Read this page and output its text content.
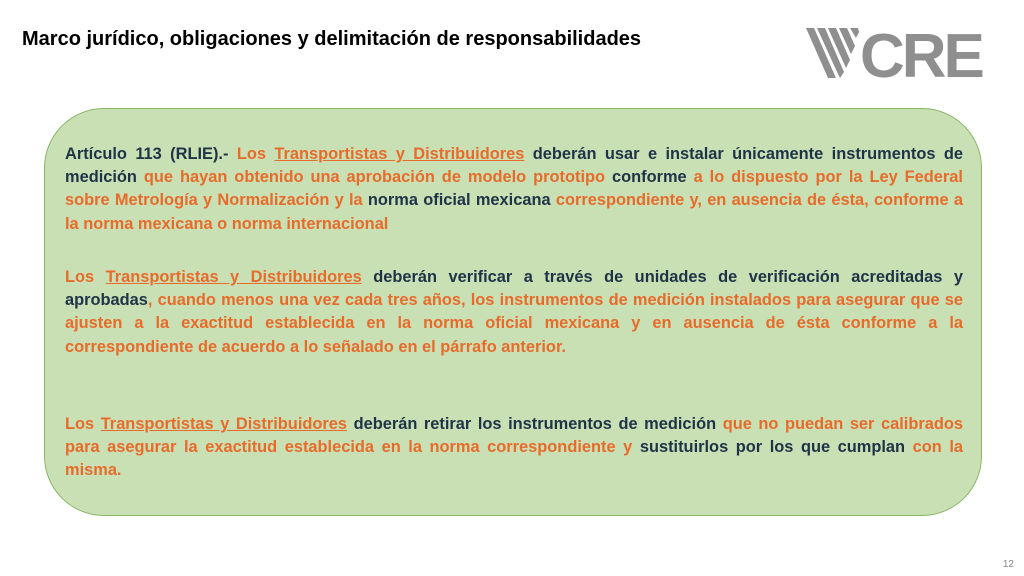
Marco jurídico, obligaciones y delimitación de responsabilidades	CRE

Artículo 113 (RLIE).- Los Transportistas y Distribuidores deberán usar e instalar únicamente instrumentos de medición que hayan obtenido una aprobación de modelo prototipo conforme a lo dispuesto por la Ley Federal sobre Metrología y Normalización y la norma oficial mexicana correspondiente y, en ausencia de ésta, conforme a la norma mexicana o norma internacional

Los Transportistas y Distribuidores deberán verificar a través de unidades de verificación acreditadas y aprobadas, cuando menos una vez cada tres años, los instrumentos de medición instalados para asegurar que se ajusten a la exactitud establecida en la norma oficial mexicana y en ausencia de ésta conforme a la correspondiente de acuerdo a lo señalado en el párrafo anterior.

Los Transportistas y Distribuidores deberán retirar los instrumentos de medición que no puedan ser calibrados para asegurar la exactitud establecida en la norma correspondiente y sustituirlos por los que cumplan con la misma.

12
